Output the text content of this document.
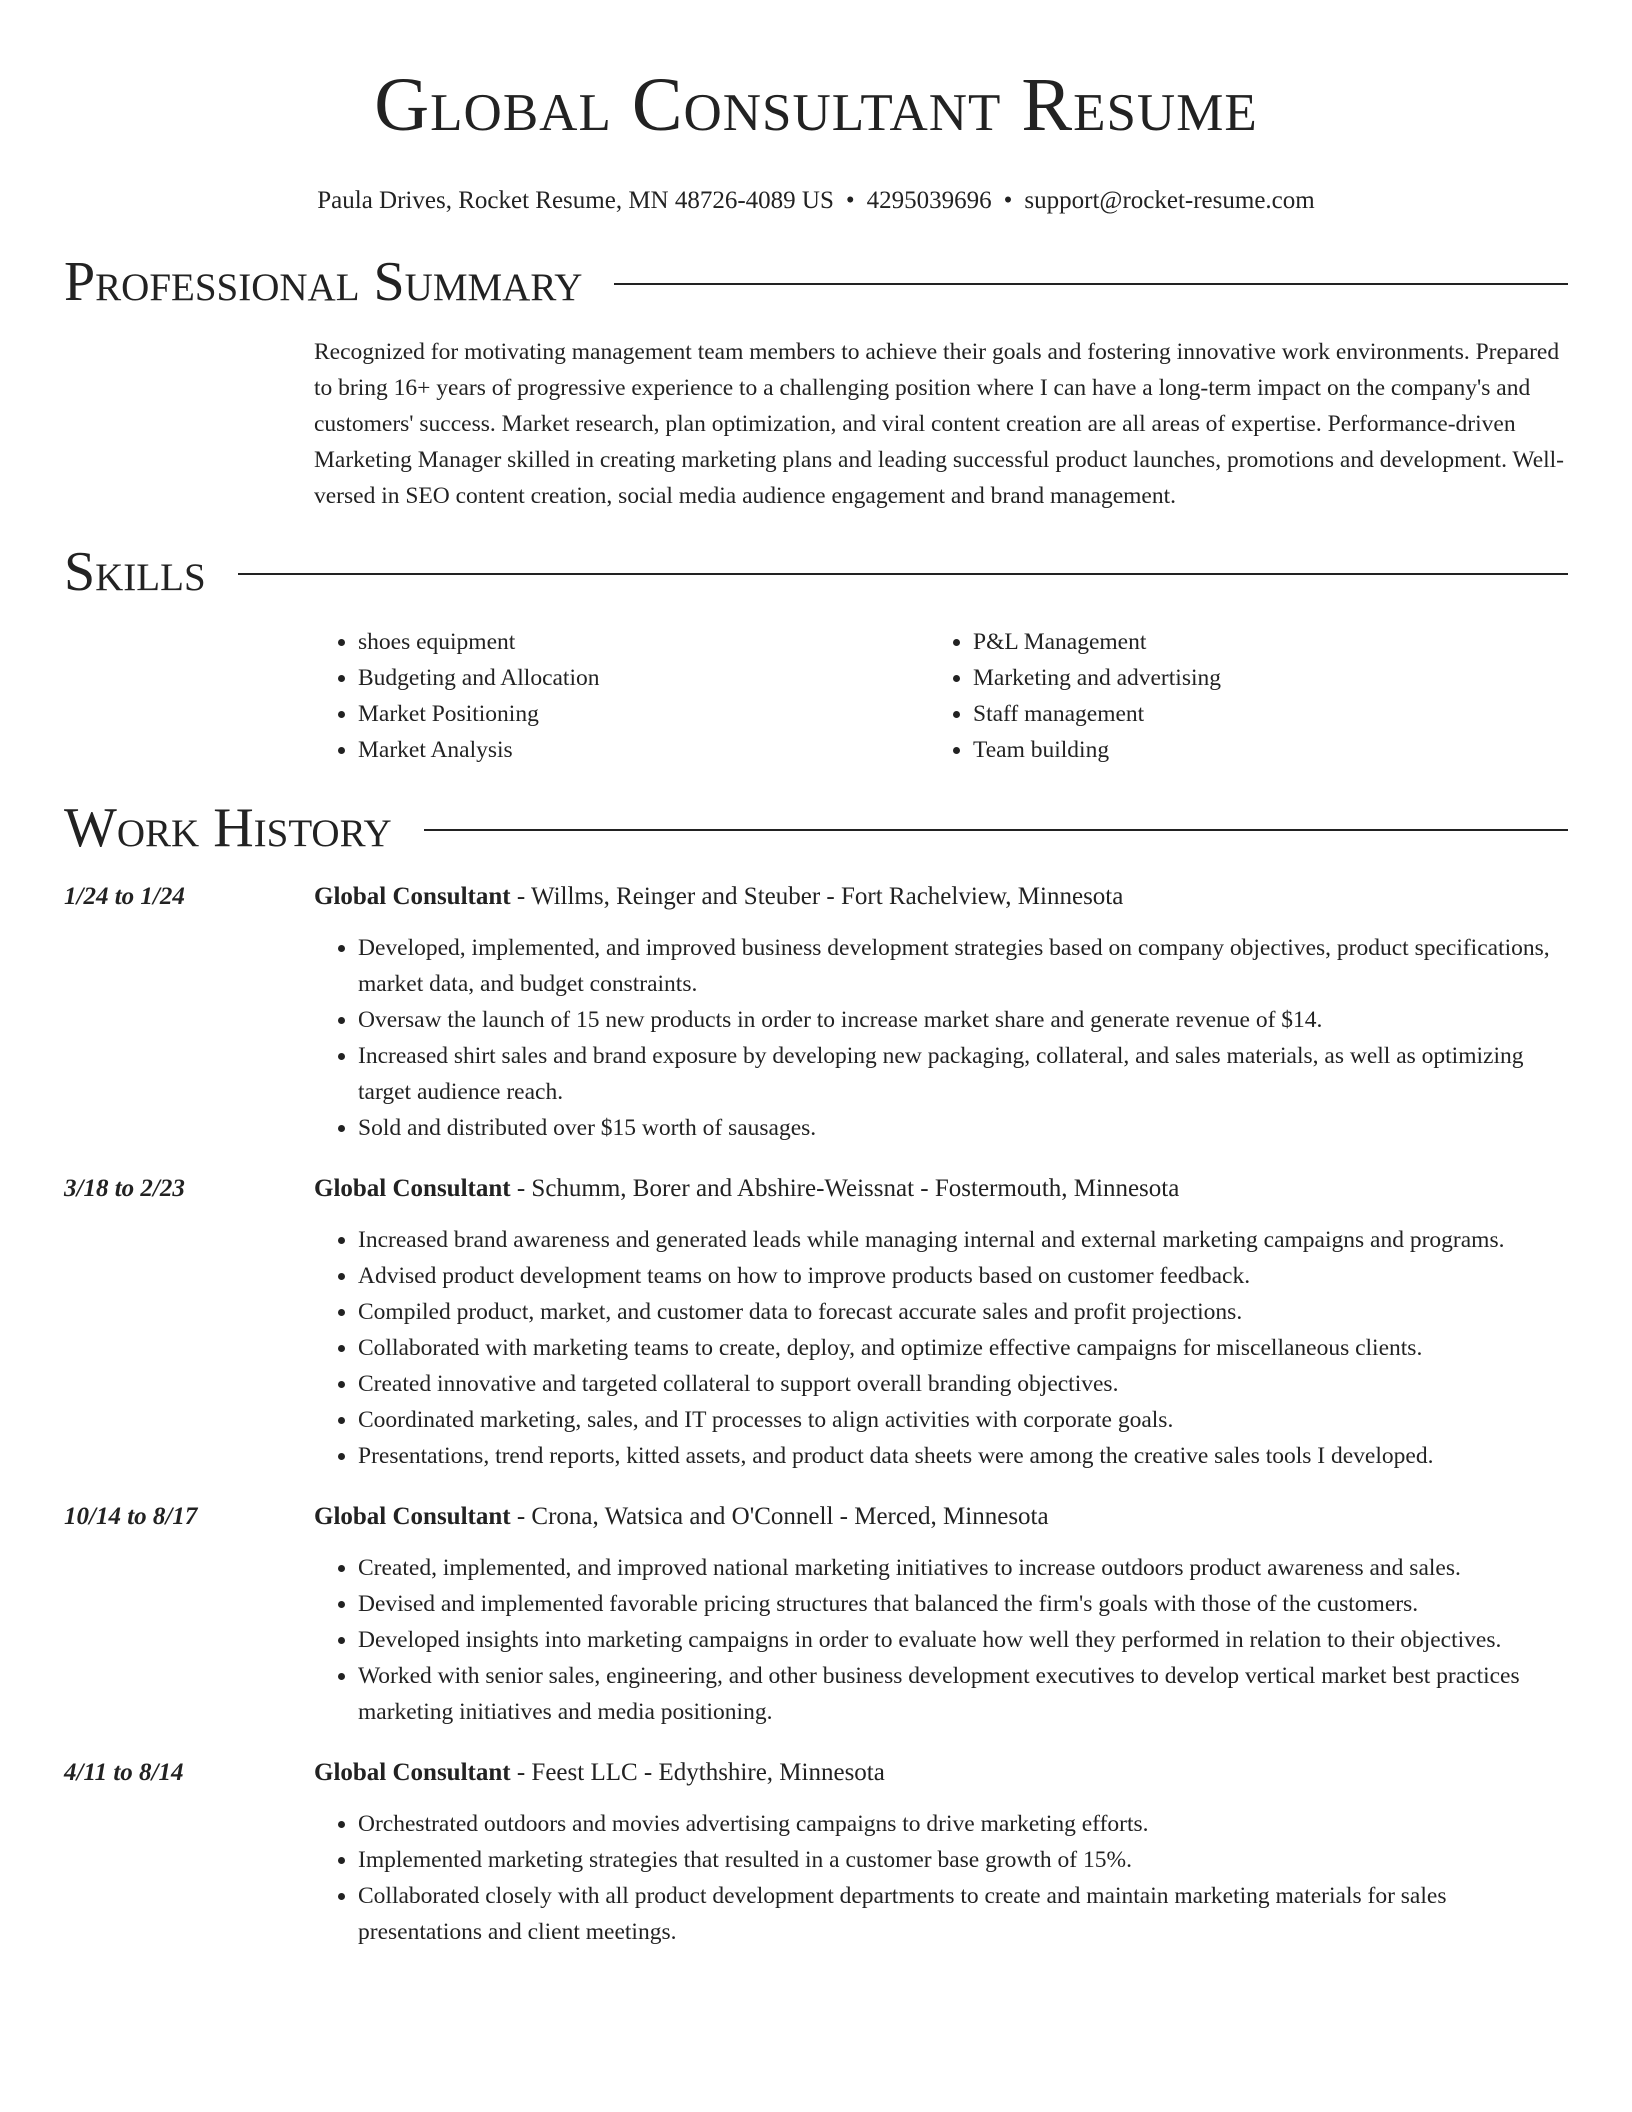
Global Consultant Resume
Paula Drives, Rocket Resume, MN 48726-4089 US • 4295039696 • support@rocket-resume.com
Professional Summary
Recognized for motivating management team members to achieve their goals and fostering innovative work environments. Prepared to bring 16+ years of progressive experience to a challenging position where I can have a long-term impact on the company's and customers' success. Market research, plan optimization, and viral content creation are all areas of expertise. Performance-driven Marketing Manager skilled in creating marketing plans and leading successful product launches, promotions and development. Well-versed in SEO content creation, social media audience engagement and brand management.
Skills
• shoes equipment
• Budgeting and Allocation
• Market Positioning
• Market Analysis
• P&L Management
• Marketing and advertising
• Staff management
• Team building
Work History
1/24 to 1/24	Global Consultant - Willms, Reinger and Steuber - Fort Rachelview, Minnesota
• Developed, implemented, and improved business development strategies based on company objectives, product specifications, market data, and budget constraints.
• Oversaw the launch of 15 new products in order to increase market share and generate revenue of $14.
• Increased shirt sales and brand exposure by developing new packaging, collateral, and sales materials, as well as optimizing target audience reach.
• Sold and distributed over $15 worth of sausages.
3/18 to 2/23	Global Consultant - Schumm, Borer and Abshire-Weissnat - Fostermouth, Minnesota
• Increased brand awareness and generated leads while managing internal and external marketing campaigns and programs.
• Advised product development teams on how to improve products based on customer feedback.
• Compiled product, market, and customer data to forecast accurate sales and profit projections.
• Collaborated with marketing teams to create, deploy, and optimize effective campaigns for miscellaneous clients.
• Created innovative and targeted collateral to support overall branding objectives.
• Coordinated marketing, sales, and IT processes to align activities with corporate goals.
• Presentations, trend reports, kitted assets, and product data sheets were among the creative sales tools I developed.
10/14 to 8/17	Global Consultant - Crona, Watsica and O'Connell - Merced, Minnesota
• Created, implemented, and improved national marketing initiatives to increase outdoors product awareness and sales.
• Devised and implemented favorable pricing structures that balanced the firm's goals with those of the customers.
• Developed insights into marketing campaigns in order to evaluate how well they performed in relation to their objectives.
• Worked with senior sales, engineering, and other business development executives to develop vertical market best practices marketing initiatives and media positioning.
4/11 to 8/14	Global Consultant - Feest LLC - Edythshire, Minnesota
• Orchestrated outdoors and movies advertising campaigns to drive marketing efforts.
• Implemented marketing strategies that resulted in a customer base growth of 15%.
• Collaborated closely with all product development departments to create and maintain marketing materials for sales presentations and client meetings.
